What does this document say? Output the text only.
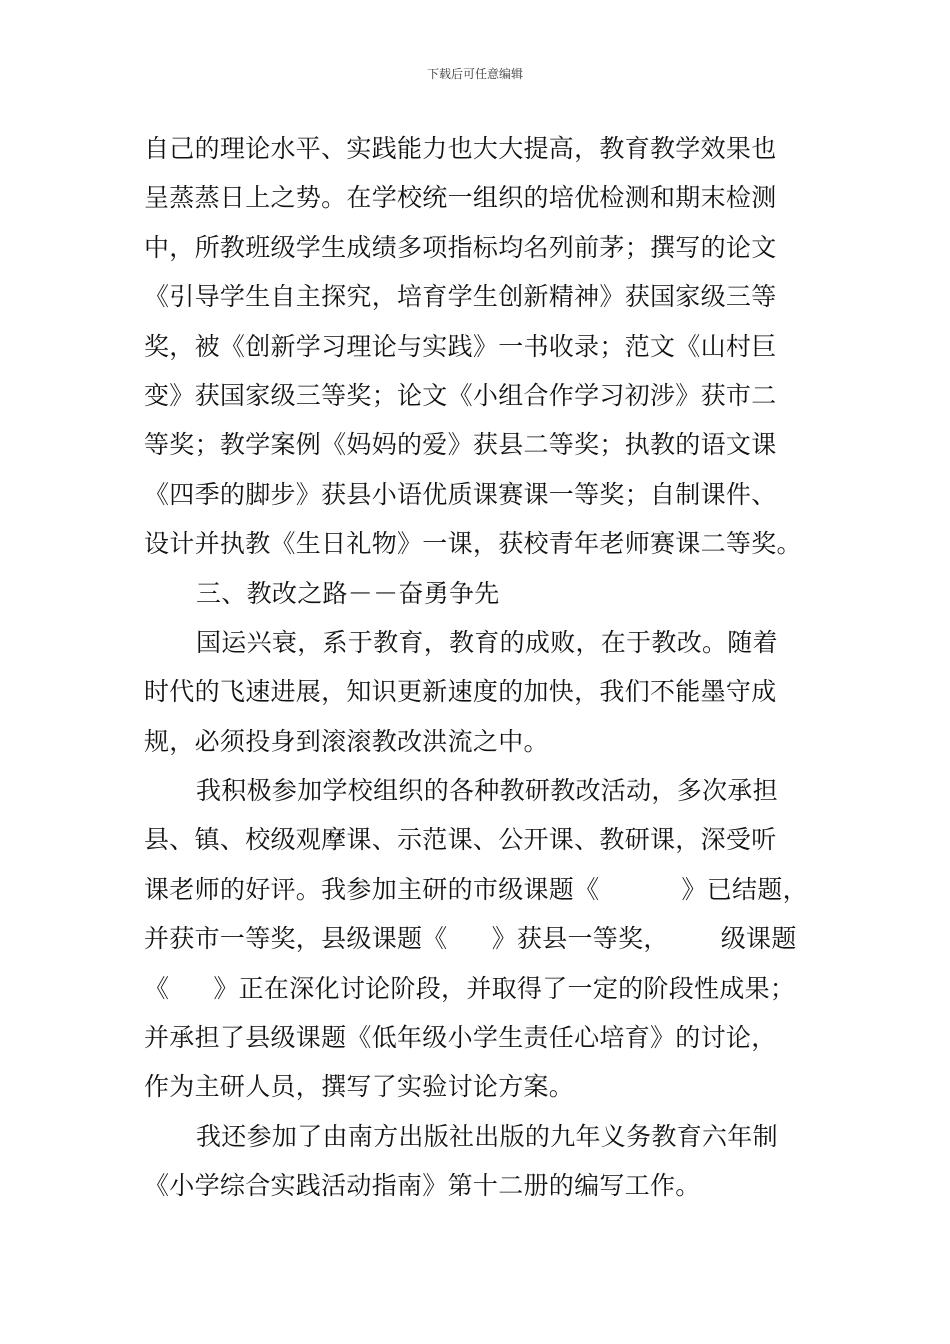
下载后可任意编辑
自己的理论水平、实践能力也大大提高，教育教学效果也
呈蒸蒸日上之势。在学校统一组织的培优检测和期末检测
中，所教班级学生成绩多项指标均名列前茅；撰写的论文
《引导学生自主探究，培育学生创新精神》获国家级三等
奖，被《创新学习理论与实践》一书收录；范文《山村巨
变》获国家级三等奖；论文《小组合作学习初涉》获市二
等奖；教学案例《妈妈的爱》获县二等奖；执教的语文课
《四季的脚步》获县小语优质课赛课一等奖；自制课件、
设计并执教《生日礼物》一课，获校青年老师赛课二等奖。
三、教改之路－－奋勇争先
国运兴衰，系于教育，教育的成败，在于教改。随着
时代的飞速进展，知识更新速度的加快，我们不能墨守成
规，必须投身到滚滚教改洪流之中。
我积极参加学校组织的各种教研教改活动，多次承担
县、镇、校级观摩课、示范课、公开课、教研课，深受听
课老师的好评。我参加主研的市级课题《	》已结题，
并获市一等奖，县级课题《 》获县一等奖， 级课题
《 》正在深化讨论阶段，并取得了一定的阶段性成果；
并承担了县级课题《低年级小学生责任心培育》的讨论，
作为主研人员，撰写了实验讨论方案。
我还参加了由南方出版社出版的九年义务教育六年制
《小学综合实践活动指南》第十二册的编写工作。
